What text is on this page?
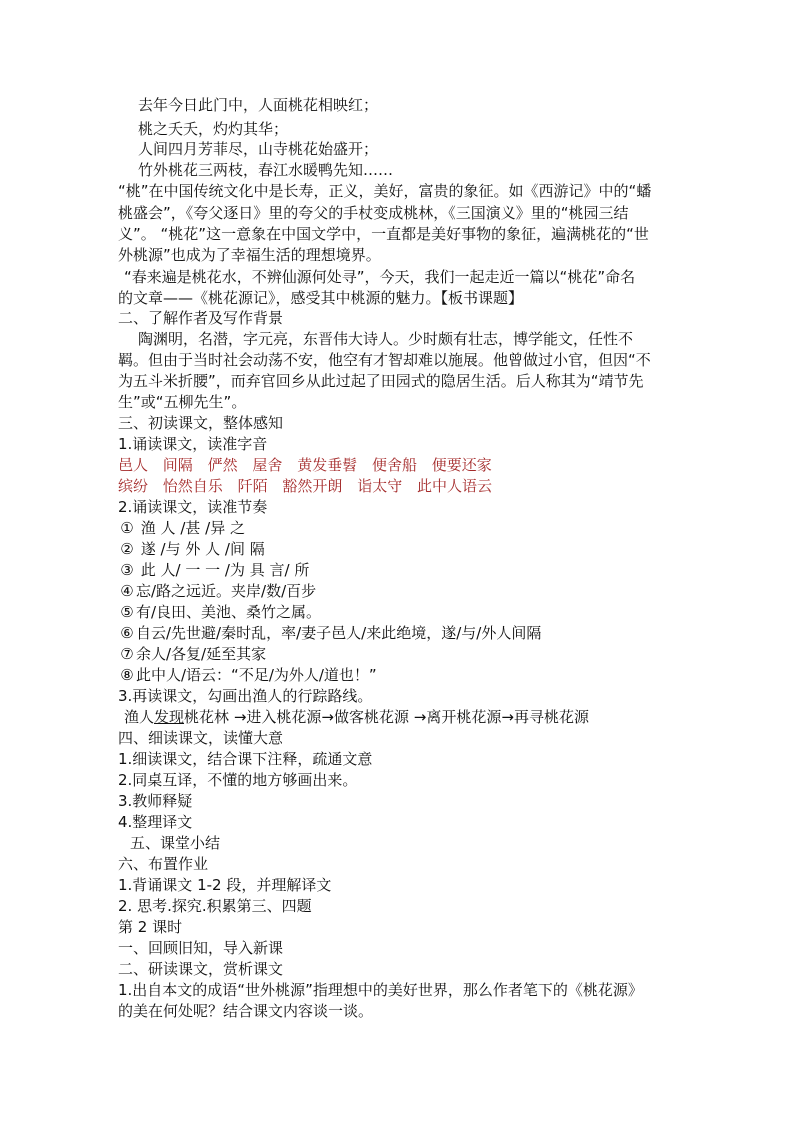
去年今日此门中，人面桃花相映红；
桃之夭夭，灼灼其华；
人间四月芳菲尽，山寺桃花始盛开；
竹外桃花三两枝，春江水暖鸭先知……
“桃”在中国传统文化中是长寿，正义，美好，富贵的象征。如《西游记》中的“蟠
桃盛会”，《夸父逐日》里的夸父的手杖变成桃林，《三国演义》里的“桃园三结
义”。 “桃花”这一意象在中国文学中，一直都是美好事物的象征，遍满桃花的“世
外桃源”也成为了幸福生活的理想境界。
“春来遍是桃花水，不辨仙源何处寻”，今天，我们一起走近一篇以“桃花”命名
的文章——《桃花源记》，感受其中桃源的魅力。【板书课题】
二、了解作者及写作背景
陶渊明，名潜，字元亮，东晋伟大诗人。少时颇有壮志，博学能文，任性不
羁。但由于当时社会动荡不安，他空有才智却难以施展。他曾做过小官，但因“不
为五斗米折腰”，而弃官回乡从此过起了田园式的隐居生活。后人称其为“靖节先
生”或“五柳先生”。
三、初读课文，整体感知
1.诵读课文，读准字音
邑人 间隔 俨然 屋舍 黄发垂髫 便舍船 便要还家
缤纷 怡然自乐 阡陌 豁然开朗 诣太守 此中人语云
2.诵读课文，读准节奏
① 渔 人 /甚 /异 之
② 遂 /与 外 人 /间 隔
③ 此 人/ 一 一 /为 具 言/ 所
④ 忘/路之远近。夹岸/数/百步
⑤ 有/良田、美池、桑竹之属。
⑥ 自云/先世避/秦时乱，率/妻子邑人/来此绝境，遂/与/外人间隔
⑦ 余人/各复/延至其家
⑧ 此中人/语云：“不足/为外人/道也！”
3.再读课文，勾画出渔人的行踪路线。
渔人发现桃花林 →进入桃花源→做客桃花源 →离开桃花源→再寻桃花源
四、细读课文，读懂大意
1.细读课文，结合课下注释，疏通文意
2.同桌互译，不懂的地方够画出来。
3.教师释疑
4.整理译文
五、课堂小结
六、布置作业
1.背诵课文 1-2 段，并理解译文
2. 思考.探究.积累第三、四题
第 2 课时
一、回顾旧知，导入新课
二、研读课文，赏析课文
1.出自本文的成语“世外桃源”指理想中的美好世界，那么作者笔下的《桃花源》
的美在何处呢？结合课文内容谈一谈。
